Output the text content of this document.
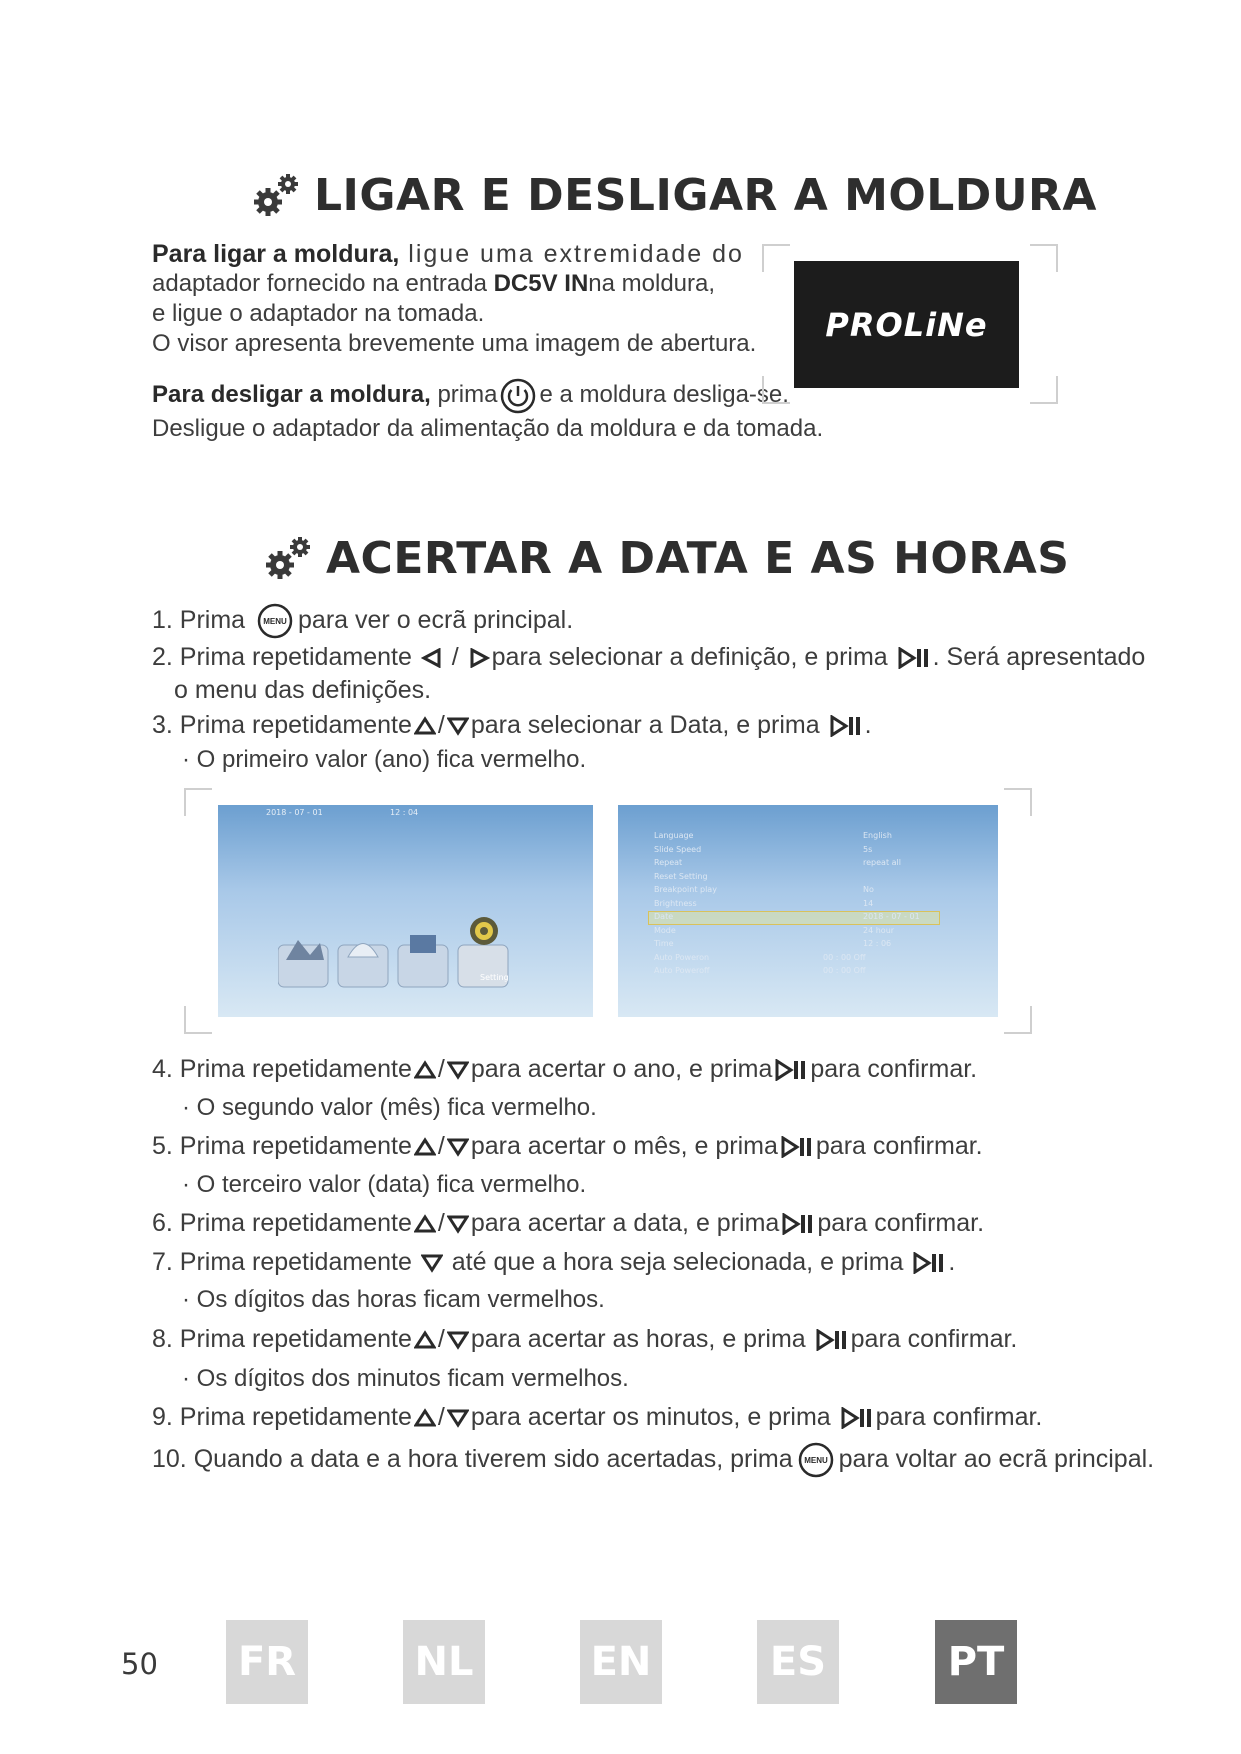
LIGAR E DESLIGAR A MOLDURA
Para ligar a moldura, ligue uma extremidade do
adaptador fornecido na entrada DC5V INna moldura,
e ligue o adaptador na tomada.
O visor apresenta brevemente uma imagem de abertura.
Para desligar a moldura, prima e a moldura desliga-se.
Desligue o adaptador da alimentação da moldura e da tomada.
PROLiNe
ACERTAR A DATA E AS HORAS
1. Prima MENU para ver o ecrã principal.
2. Prima repetidamente  / para selecionar a definição, e prima . Será apresentado
o menu das definições.
3. Prima repetidamente / para selecionar a Data, e prima .
· O primeiro valor (ano) fica vermelho.
2018 - 07 - 01	12 : 04
Setting
Language	English
Slide Speed	5s
Repeat	repeat all
Reset Setting
Breakpoint play	No
Brightness	14
Date	2018 - 07 - 01
Mode	24 hour
Time	12 : 06
Auto Poweron	00 : 00 Off
Auto Poweroff	00 : 00 Off
4. Prima repetidamente / para acertar o ano, e prima para confirmar.
· O segundo valor (mês) fica vermelho.
5. Prima repetidamente / para acertar o mês, e prima para confirmar.
· O terceiro valor (data) fica vermelho.
6. Prima repetidamente / para acertar a data, e prima para confirmar.
7. Prima repetidamente  até que a hora seja selecionada, e prima .
· Os dígitos das horas ficam vermelhos.
8. Prima repetidamente / para acertar as horas, e prima para confirmar.
· Os dígitos dos minutos ficam vermelhos.
9. Prima repetidamente / para acertar os minutos, e prima para confirmar.
10. Quando a data e a hora tiverem sido acertadas, prima MENU para voltar ao ecrã principal.
50 FR	NL	EN	ES	PT
